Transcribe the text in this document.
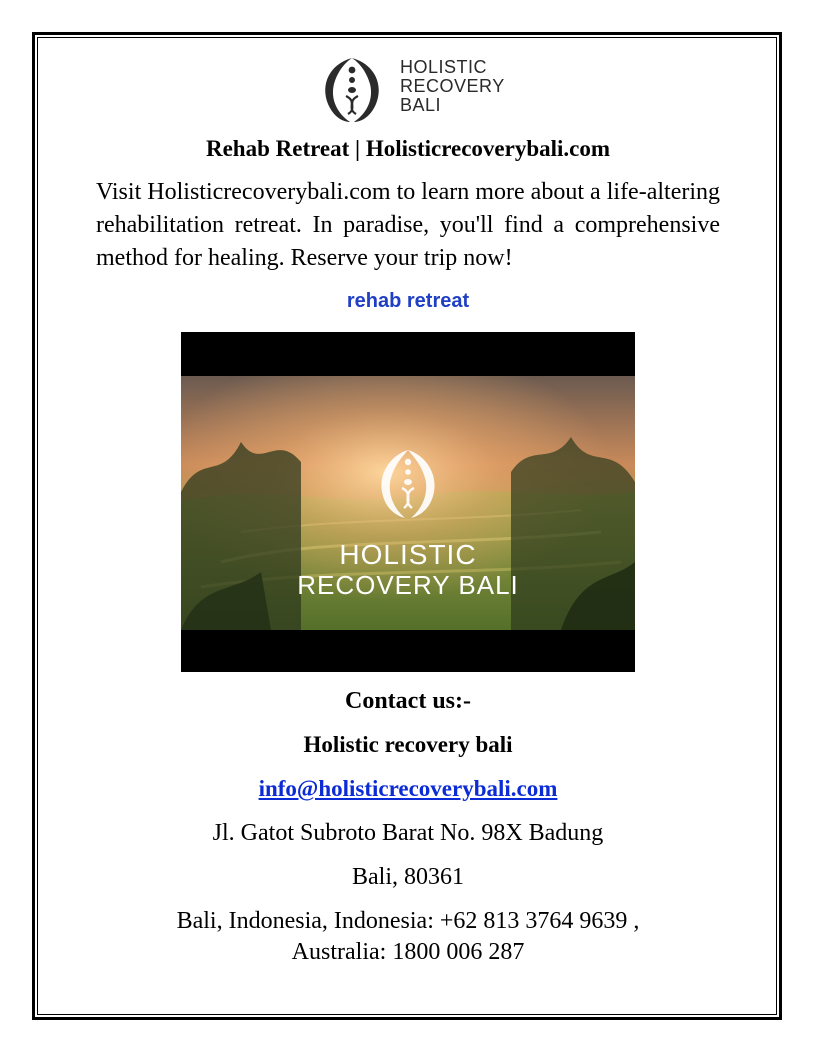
HOLISTIC
RECOVERY
BALI
Rehab Retreat | Holisticrecoverybali.com
Visit Holisticrecoverybali.com to learn more about a life-altering rehabilitation retreat. In paradise, you'll find a comprehensive method for healing. Reserve your trip now!
rehab retreat
HOLISTIC
RECOVERY BALI
Contact us:-
Holistic recovery bali
info@holisticrecoverybali.com
Jl. Gatot Subroto Barat No. 98X Badung
Bali, 80361
Bali, Indonesia, Indonesia: +62 813 3764 9639 ,
Australia: 1800 006 287
